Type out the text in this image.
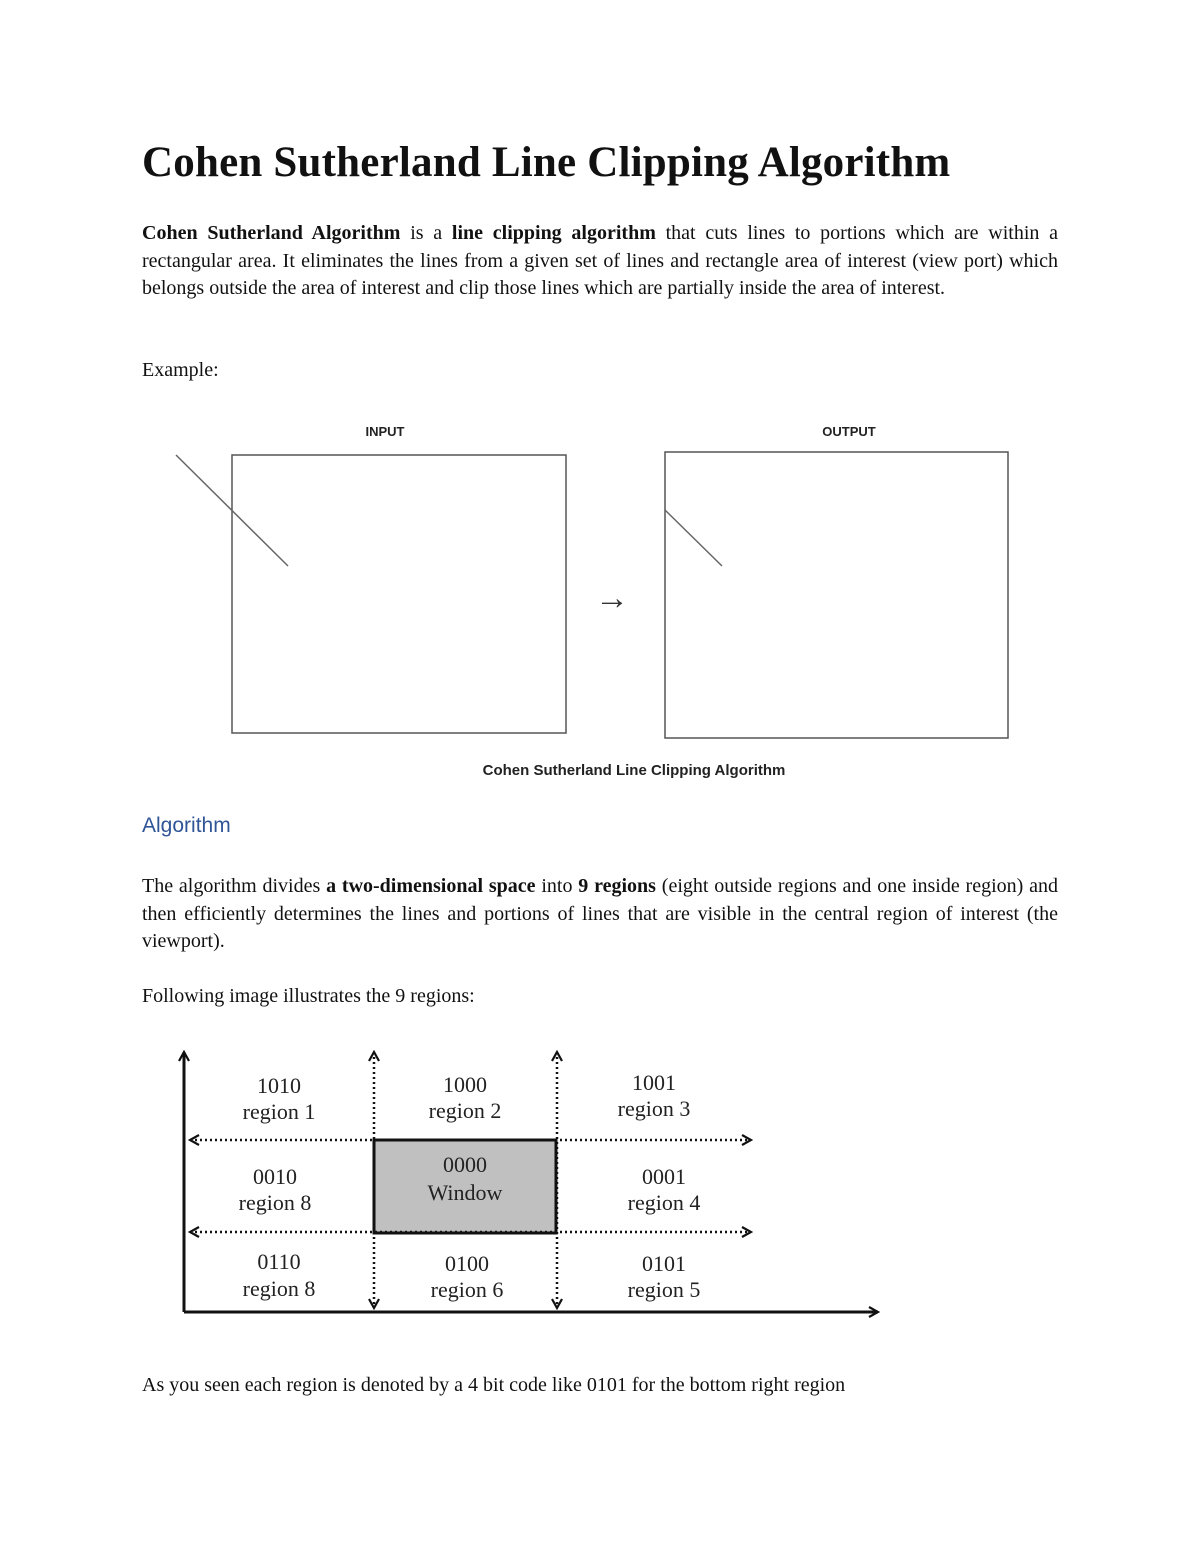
Cohen Sutherland Line Clipping Algorithm

Cohen Sutherland Algorithm is a line clipping algorithm that cuts lines to portions which are within a rectangular area. It eliminates the lines from a given set of lines and rectangle area of interest (view port) which belongs outside the area of interest and clip those lines which are partially inside the area of interest.

Example:

INPUT	OUTPUT
→
Cohen Sutherland Line Clipping Algorithm

Algorithm

The algorithm divides a two-dimensional space into 9 regions (eight outside regions and one inside region) and then efficiently determines the lines and portions of lines that are visible in the central region of interest (the viewport).

Following image illustrates the 9 regions:

1010
region 1
1000
region 2
1001
region 3
0010
region 8
0000
Window
0001
region 4
0110
region 8
0100
region 6
0101
region 5

As you seen each region is denoted by a 4 bit code like 0101 for the bottom right region
